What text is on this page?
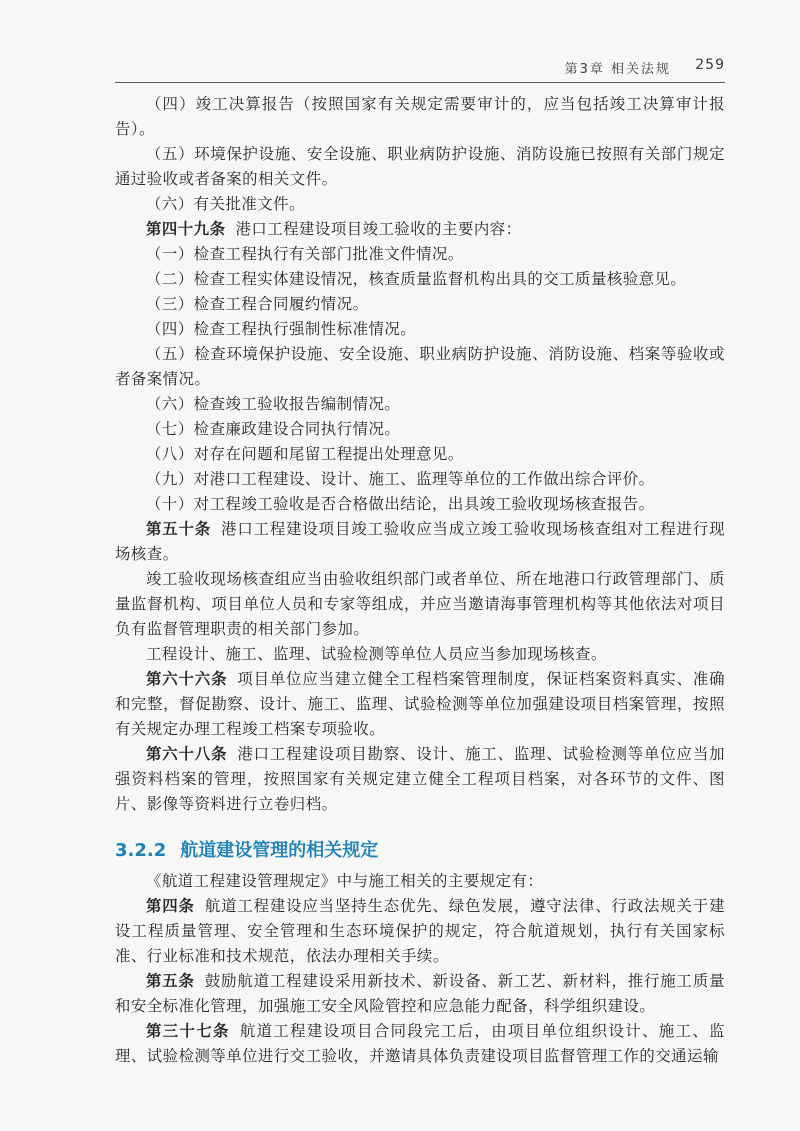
第3章 相关法规 259

（四）竣工决算报告（按照国家有关规定需要审计的，应当包括竣工决算审计报告）。

（五）环境保护设施、安全设施、职业病防护设施、消防设施已按照有关部门规定通过验收或者备案的相关文件。

（六）有关批准文件。

第四十九条 港口工程建设项目竣工验收的主要内容：

（一）检查工程执行有关部门批准文件情况。

（二）检查工程实体建设情况，核查质量监督机构出具的交工质量核验意见。

（三）检查工程合同履约情况。

（四）检查工程执行强制性标准情况。

（五）检查环境保护设施、安全设施、职业病防护设施、消防设施、档案等验收或者备案情况。

（六）检查竣工验收报告编制情况。

（七）检查廉政建设合同执行情况。

（八）对存在问题和尾留工程提出处理意见。

（九）对港口工程建设、设计、施工、监理等单位的工作做出综合评价。

（十）对工程竣工验收是否合格做出结论，出具竣工验收现场核查报告。

第五十条 港口工程建设项目竣工验收应当成立竣工验收现场核查组对工程进行现场核查。

竣工验收现场核查组应当由验收组织部门或者单位、所在地港口行政管理部门、质量监督机构、项目单位人员和专家等组成，并应当邀请海事管理机构等其他依法对项目负有监督管理职责的相关部门参加。

工程设计、施工、监理、试验检测等单位人员应当参加现场核查。

第六十六条 项目单位应当建立健全工程档案管理制度，保证档案资料真实、准确和完整，督促勘察、设计、施工、监理、试验检测等单位加强建设项目档案管理，按照有关规定办理工程竣工档案专项验收。

第六十八条 港口工程建设项目勘察、设计、施工、监理、试验检测等单位应当加强资料档案的管理，按照国家有关规定建立健全工程项目档案，对各环节的文件、图片、影像等资料进行立卷归档。

3.2.2 航道建设管理的相关规定

《航道工程建设管理规定》中与施工相关的主要规定有：

第四条 航道工程建设应当坚持生态优先、绿色发展，遵守法律、行政法规关于建设工程质量管理、安全管理和生态环境保护的规定，符合航道规划，执行有关国家标准、行业标准和技术规范，依法办理相关手续。

第五条 鼓励航道工程建设采用新技术、新设备、新工艺、新材料，推行施工质量和安全标准化管理，加强施工安全风险管控和应急能力配备，科学组织建设。

第三十七条 航道工程建设项目合同段完工后，由项目单位组织设计、施工、监理、试验检测等单位进行交工验收，并邀请具体负责建设项目监督管理工作的交通运输
